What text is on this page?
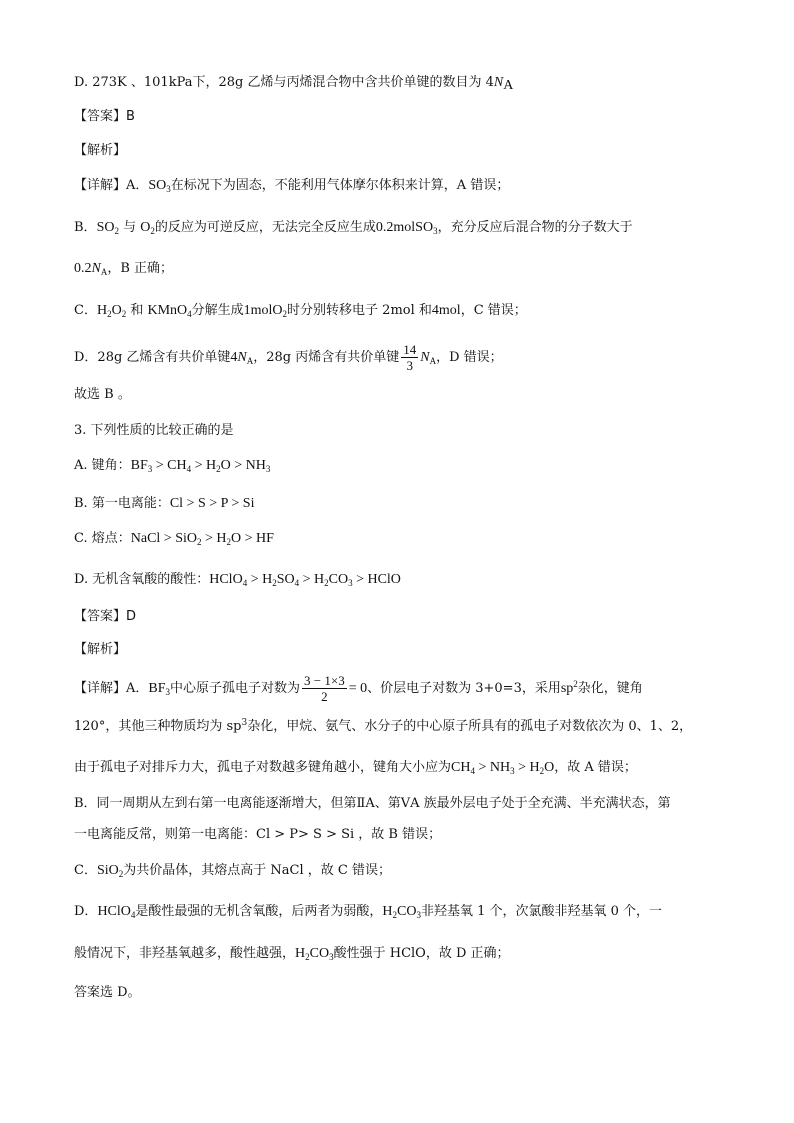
D. 273K 、101kPa下，28g 乙烯与丙烯混合物中含共价单键的数目为 $4N_A$
【答案】B
【解析】
【详解】A．$SO_3$在标况下为固态，不能利用气体摩尔体积来计算，A 错误；
B．$SO_2$ 与 $O_2$的反应为可逆反应，无法完全反应生成0.2molSO$_3$，充分反应后混合物的分子数大于
$0.2N_A$，B 正确；
C．$H_2O_2$ 和 KMnO$_4$分解生成1molO$_2$时分别转移电子 2mol 和4mol，C 错误；
D．28g 乙烯含有共价单键$4N_A$，28g 丙烯含有共价单键 $\frac{14}{3} N_A$，D 错误；
故选 B 。
3. 下列性质的比较正确的是
A. 键角：$BF_3 > CH_4 > H_2O > NH_3$
B. 第一电离能：Cl > S > P > Si
C. 熔点：NaCl > $SiO_2 > H_2O$ > HF
D. 无机含氧酸的酸性：HClO$_4$ > $H_2SO_4 > H_2CO_3$ > HClO
【答案】D
【解析】
【详解】A．$BF_3$中心原子孤电子对数为 $\frac{3 - 1\times 3}{2} = 0$、价层电子对数为 3+0=3，采用$sp^2$杂化，键角
120°，其他三种物质均为 $sp^3$杂化，甲烷、氨气、水分子的中心原子所具有的孤电子对数依次为 0、1、2，
由于孤电子对排斥力大，孤电子对数越多键角越小，键角大小应为$CH_4 > NH_3 > H_2O$，故 A 错误；
B．同一周期从左到右第一电离能逐渐增大，但第ⅡA、第ⅤA 族最外层电子处于全充满、半充满状态，第
一电离能反常，则第一电离能：Cl > P> S > Si ，故 B 错误；
C．SiO$_2$为共价晶体，其熔点高于 NaCl ，故 C 错误；
D．HClO$_4$是酸性最强的无机含氧酸，后两者为弱酸，$H_2CO_3$非羟基氧 1 个，次氯酸非羟基氧 0 个，一
般情况下，非羟基氧越多，酸性越强，$H_2CO_3$酸性强于 HClO，故 D 正确；
答案选 D。
